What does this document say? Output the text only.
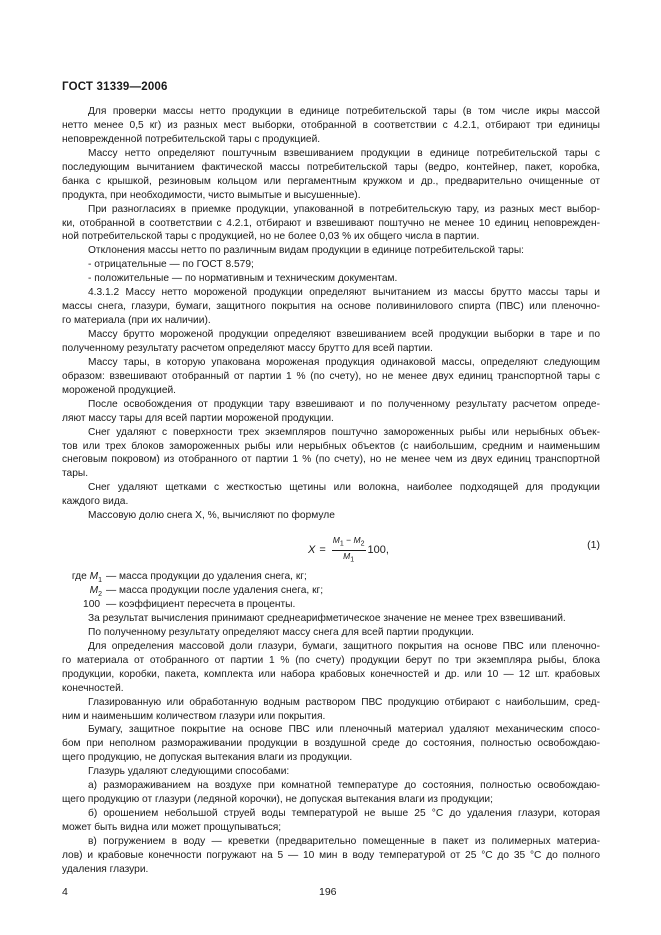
ГОСТ 31339—2006
Для проверки массы нетто продукции в единице потребительской тары (в том числе икры массой
нетто менее 0,5 кг) из разных мест выборки, отобранной в соответствии с 4.2.1, отбирают три единицы
неповрежденной потребительской тары с продукцией.
Массу нетто определяют поштучным взвешиванием продукции в единице потребительской тары с
последующим вычитанием фактической массы потребительской тары (ведро, контейнер, пакет, коробка,
банка с крышкой, резиновым кольцом или пергаментным кружком и др., предварительно очищенные от
продукта, при необходимости, чисто вымытые и высушенные).
При разногласиях в приемке продукции, упакованной в потребительскую тару, из разных мест выбор-
ки, отобранной в соответствии с 4.2.1, отбирают и взвешивают поштучно не менее 10 единиц неповрежден-
ной потребительской тары с продукцией, но не более 0,03 % их общего числа в партии.
Отклонения массы нетто по различным видам продукции в единице потребительской тары:
- отрицательные — по ГОСТ 8.579;
- положительные — по нормативным и техническим документам.
4.3.1.2 Массу нетто мороженой продукции определяют вычитанием из массы брутто массы тары и
массы снега, глазури, бумаги, защитного покрытия на основе поливинилового спирта (ПВС) или пленочно-
го материала (при их наличии).
Массу брутто мороженой продукции определяют взвешиванием всей продукции выборки в таре и по
полученному результату расчетом определяют массу брутто для всей партии.
Массу тары, в которую упакована мороженая продукция одинаковой массы, определяют следующим
образом: взвешивают отобранный от партии 1 % (по счету), но не менее двух единиц транспортной тары с
мороженой продукцией.
После освобождения от продукции тару взвешивают и по полученному результату расчетом опреде-
ляют массу тары для всей партии мороженой продукции.
Снег удаляют с поверхности трех экземпляров поштучно замороженных рыбы или нерыбных объек-
тов или трех блоков замороженных рыбы или нерыбных объектов (с наибольшим, средним и наименьшим
снеговым покровом) из отобранного от партии 1 % (по счету), но не менее чем из двух единиц транспортной
тары.
Снег удаляют щетками с жесткостью щетины или волокна, наиболее подходящей для продукции
каждого вида.
Массовую долю снега X, %, вычисляют по формуле
$X = \frac{M_1 - M_2}{M_1} 100$,	(1)
где $M_1$ — масса продукции до удаления снега, кг;
$M_2$ — масса продукции после удаления снега, кг;
100 — коэффициент пересчета в проценты.
За результат вычисления принимают среднеарифметическое значение не менее трех взвешиваний.
По полученному результату определяют массу снега для всей партии продукции.
Для определения массовой доли глазури, бумаги, защитного покрытия на основе ПВС или пленочно-
го материала от отобранного от партии 1 % (по счету) продукции берут по три экземпляра рыбы, блока
продукции, коробки, пакета, комплекта или набора крабовых конечностей и др. или 10 — 12 шт. крабовых
конечностей.
Глазированную или обработанную водным раствором ПВС продукцию отбирают с наибольшим, сред-
ним и наименьшим количеством глазури или покрытия.
Бумагу, защитное покрытие на основе ПВС или пленочный материал удаляют механическим спосо-
бом при неполном размораживании продукции в воздушной среде до состояния, полностью освобождаю-
щего продукцию, не допуская вытекания влаги из продукции.
Глазурь удаляют следующими способами:
а) размораживанием на воздухе при комнатной температуре до состояния, полностью освобождаю-
щего продукцию от глазури (ледяной корочки), не допуская вытекания влаги из продукции;
б) орошением небольшой струей воды температурой не выше 25 °С до удаления глазури, которая
может быть видна или может прощупываться;
в) погружением в воду — креветки (предварительно помещенные в пакет из полимерных материа-
лов) и крабовые конечности погружают на 5 — 10 мин в воду температурой от 25 °С до 35 °С до полного
удаления глазури.
4	196
